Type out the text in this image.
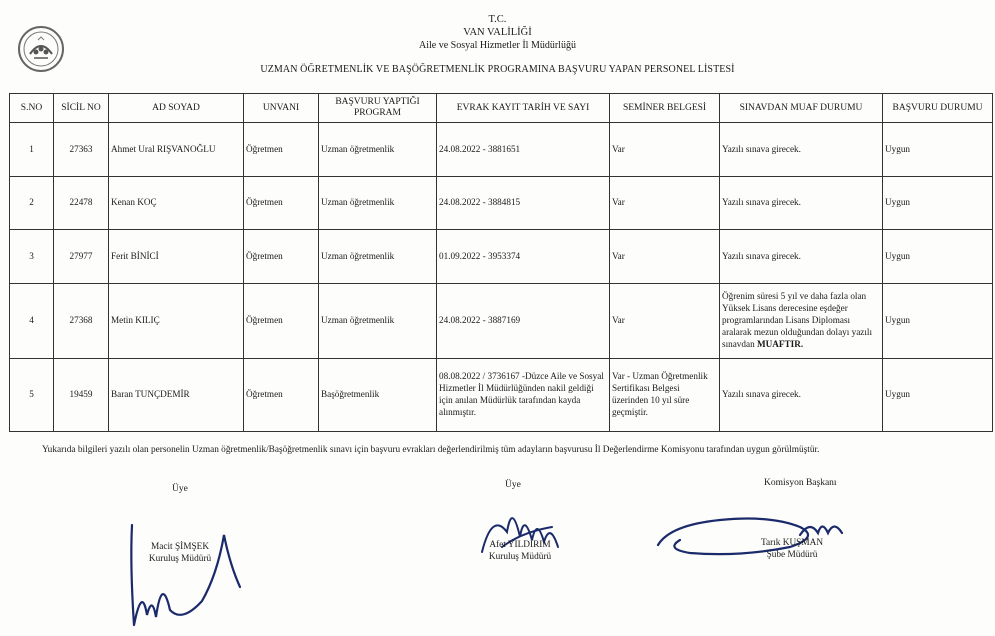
T.C.
VAN VALİLİĞİ
Aile ve Sosyal Hizmetler İl Müdürlüğü
UZMAN ÖĞRETMENLİK VE BAŞÖĞRETMENLİK PROGRAMINA BAŞVURU YAPAN PERSONEL LİSTESİ
S.NO	SİCİL NO	AD SOYAD	UNVANI	BAŞVURU YAPTIĞI PROGRAM	EVRAK KAYIT TARİH VE SAYI	SEMİNER BELGESİ	SINAVDAN MUAF DURUMU	BAŞVURU DURUMU
1	27363	Ahmet Ural RIŞVANOĞLU	Öğretmen	Uzman öğretmenlik	24.08.2022 - 3881651	Var	Yazılı sınava girecek.	Uygun
2	22478	Kenan KOÇ	Öğretmen	Uzman öğretmenlik	24.08.2022 - 3884815	Var	Yazılı sınava girecek.	Uygun
3	27977	Ferit BİNİCİ	Öğretmen	Uzman öğretmenlik	01.09.2022 - 3953374	Var	Yazılı sınava girecek.	Uygun
4	27368	Metin KILIÇ	Öğretmen	Uzman öğretmenlik	24.08.2022 - 3887169	Var	Öğrenim süresi 5 yıl ve daha fazla olan Yüksek Lisans derecesine eşdeğer programlarından Lisans Diploması aralarak mezun olduğundan dolayı yazılı sınavdan MUAFTIR.	Uygun
5	19459	Baran TUNÇDEMİR	Öğretmen	Başöğretmenlik	08.08.2022 / 3736167 -Düzce Aile ve Sosyal Hizmetler İl Müdürlüğünden nakil geldiği için anılan Müdürlük tarafından kayda alınmıştır.	Var - Uzman Öğretmenlik Sertifikası Belgesi üzerinden 10 yıl süre geçmiştir.	Yazılı sınava girecek.	Uygun
Yukarıda bilgileri yazılı olan personelin Uzman öğretmenlik/Başöğretmenlik sınavı için başvuru evrakları değerlendirilmiş tüm adayların başvurusu İl Değerlendirme Komisyonu tarafından uygun görülmüştür.
Üye	Üye	Komisyon Başkanı
Macit ŞİMŞEK
Kuruluş Müdürü
Afet YILDIRIM
Kuruluş Müdürü
Tarık KUŞMAN
Şube Müdürü
